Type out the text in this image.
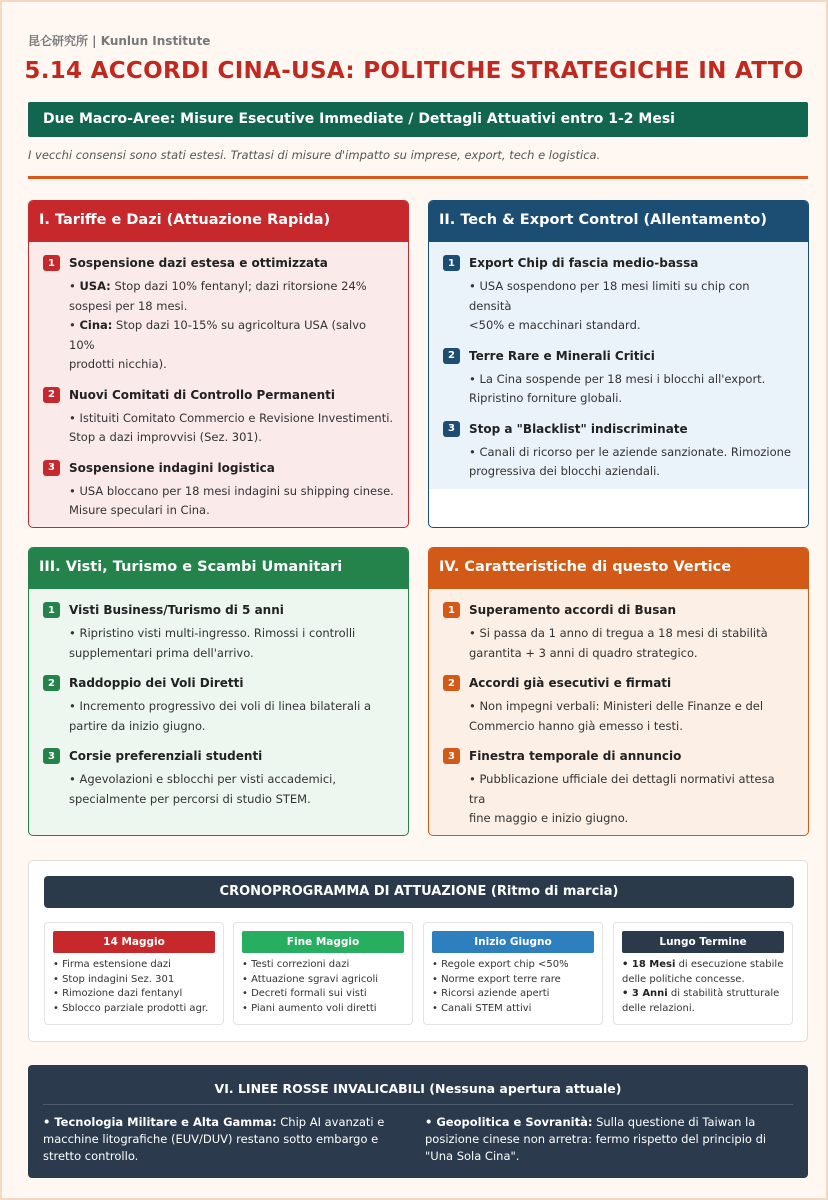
昆仑研究所 | Kunlun Institute
5.14 ACCORDI CINA-USA: POLITICHE STRATEGICHE IN ATTO
Due Macro-Aree: Misure Esecutive Immediate / Dettagli Attuativi entro 1-2 Mesi
I vecchi consensi sono stati estesi. Trattasi di misure d'impatto su imprese, export, tech e logistica.
I. Tariffe e Dazi (Attuazione Rapida)
1	Sospensione dazi estesa e ottimizzata
• USA: Stop dazi 10% fentanyl; dazi ritorsione 24%
sospesi per 18 mesi.
• Cina: Stop dazi 10-15% su agricoltura USA (salvo 10%
prodotti nicchia).
2	Nuovi Comitati di Controllo Permanenti
• Istituiti Comitato Commercio e Revisione Investimenti.
Stop a dazi improvvisi (Sez. 301).
3	Sospensione indagini logistica
• USA bloccano per 18 mesi indagini su shipping cinese.
Misure speculari in Cina.
II. Tech & Export Control (Allentamento)
1	Export Chip di fascia medio-bassa
• USA sospendono per 18 mesi limiti su chip con densità
<50% e macchinari standard.
2	Terre Rare e Minerali Critici
• La Cina sospende per 18 mesi i blocchi all'export.
Ripristino forniture globali.
3	Stop a "Blacklist" indiscriminate
• Canali di ricorso per le aziende sanzionate. Rimozione
progressiva dei blocchi aziendali.
III. Visti, Turismo e Scambi Umanitari
1	Visti Business/Turismo di 5 anni
• Ripristino visti multi-ingresso. Rimossi i controlli
supplementari prima dell'arrivo.
2	Raddoppio dei Voli Diretti
• Incremento progressivo dei voli di linea bilaterali a
partire da inizio giugno.
3	Corsie preferenziali studenti
• Agevolazioni e sblocchi per visti accademici,
specialmente per percorsi di studio STEM.
IV. Caratteristiche di questo Vertice
1	Superamento accordi di Busan
• Si passa da 1 anno di tregua a 18 mesi di stabilità
garantita + 3 anni di quadro strategico.
2	Accordi già esecutivi e firmati
• Non impegni verbali: Ministeri delle Finanze e del
Commercio hanno già emesso i testi.
3	Finestra temporale di annuncio
• Pubblicazione ufficiale dei dettagli normativi attesa tra
fine maggio e inizio giugno.
CRONOPROGRAMMA DI ATTUAZIONE (Ritmo di marcia)
14 Maggio
• Firma estensione dazi
• Stop indagini Sez. 301
• Rimozione dazi fentanyl
• Sblocco parziale prodotti agr.
Fine Maggio
• Testi correzioni dazi
• Attuazione sgravi agricoli
• Decreti formali sui visti
• Piani aumento voli diretti
Inizio Giugno
• Regole export chip <50%
• Norme export terre rare
• Ricorsi aziende aperti
• Canali STEM attivi
Lungo Termine
• 18 Mesi di esecuzione stabile
delle politiche concesse.
• 3 Anni di stabilità strutturale
delle relazioni.
VI. LINEE ROSSE INVALICABILI (Nessuna apertura attuale)
• Tecnologia Militare e Alta Gamma: Chip AI avanzati e macchine litografiche (EUV/DUV) restano sotto embargo e stretto controllo.
• Geopolitica e Sovranità: Sulla questione di Taiwan la posizione cinese non arretra: fermo rispetto del principio di "Una Sola Cina".
